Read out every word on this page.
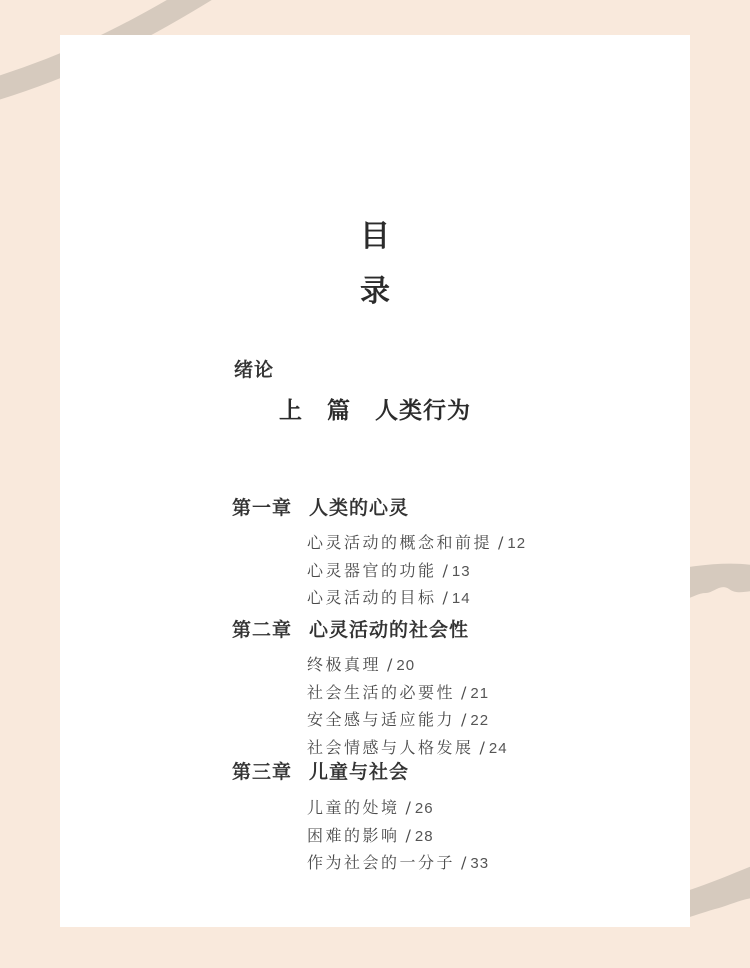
目
录
绪论
上　篇　人类行为
第一章 人类的心灵
心灵活动的概念和前提 / 12
心灵器官的功能 / 13
心灵活动的目标 / 14
第二章 心灵活动的社会性
终极真理 / 20
社会生活的必要性 / 21
安全感与适应能力 / 22
社会情感与人格发展 / 24
第三章 儿童与社会
儿童的处境 / 26
困难的影响 / 28
作为社会的一分子 / 33
